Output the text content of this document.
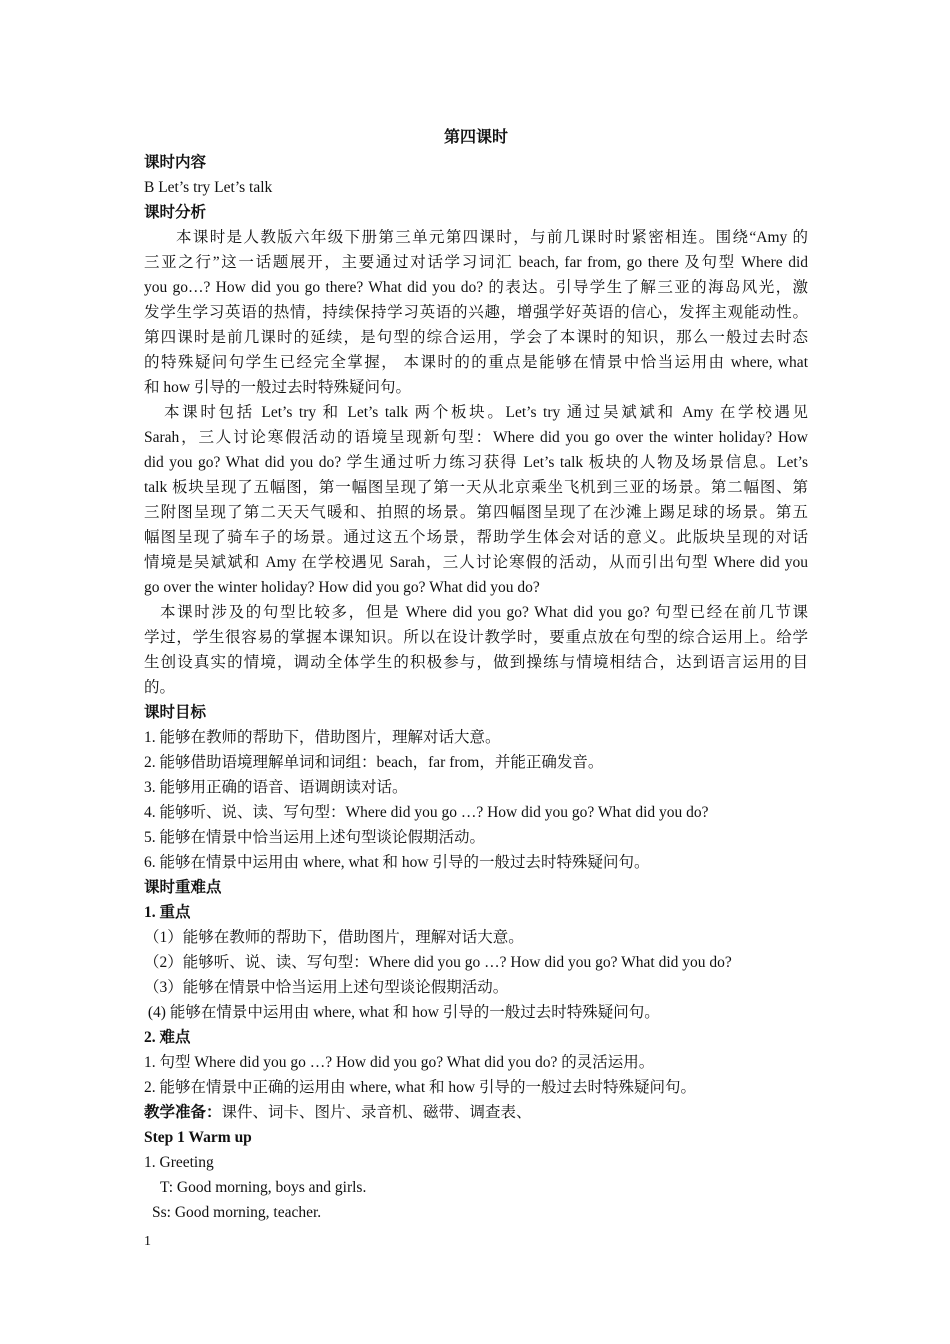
第四课时
课时内容
B Let’s try Let’s talk
课时分析
本课时是人教版六年级下册第三单元第四课时，与前几课时时紧密相连。围绕“Amy 的
三亚之行”这一话题展开，主要通过对话学习词汇 beach, far from, go there 及句型 Where did
you go…? How did you go there? What did you do? 的表达。引导学生了解三亚的海岛风光，激
发学生学习英语的热情，持续保持学习英语的兴趣，增强学好英语的信心，发挥主观能动性。
第四课时是前几课时的延续，是句型的综合运用，学会了本课时的知识，那么一般过去时态
的特殊疑问句学生已经完全掌握， 本课时的的重点是能够在情景中恰当运用由 where, what
和 how 引导的一般过去时特殊疑问句。
本课时包括 Let’s try 和 Let’s talk 两个板块。Let’s try 通过吴斌斌和 Amy 在学校遇见
Sarah，三人讨论寒假活动的语境呈现新句型：Where did you go over the winter holiday? How
did you go? What did you do? 学生通过听力练习获得 Let’s talk 板块的人物及场景信息。Let’s
talk 板块呈现了五幅图，第一幅图呈现了第一天从北京乘坐飞机到三亚的场景。第二幅图、第
三附图呈现了第二天天气暖和、拍照的场景。第四幅图呈现了在沙滩上踢足球的场景。第五
幅图呈现了骑车子的场景。通过这五个场景，帮助学生体会对话的意义。此版块呈现的对话
情境是吴斌斌和 Amy 在学校遇见 Sarah，三人讨论寒假的活动，从而引出句型 Where did you
go over the winter holiday? How did you go? What did you do?
本课时涉及的句型比较多，但是 Where did you go? What did you go? 句型已经在前几节课
学过，学生很容易的掌握本课知识。所以在设计教学时，要重点放在句型的综合运用上。给学
生创设真实的情境，调动全体学生的积极参与，做到操练与情境相结合，达到语言运用的目
的。
课时目标
1. 能够在教师的帮助下，借助图片，理解对话大意。
2. 能够借助语境理解单词和词组：beach，far from，并能正确发音。
3. 能够用正确的语音、语调朗读对话。
4. 能够听、说、读、写句型：Where did you go …? How did you go? What did you do?
5. 能够在情景中恰当运用上述句型谈论假期活动。
6. 能够在情景中运用由 where, what 和 how 引导的一般过去时特殊疑问句。
课时重难点
1. 重点
（1）能够在教师的帮助下，借助图片，理解对话大意。
（2）能够听、说、读、写句型：Where did you go …? How did you go? What did you do?
（3）能够在情景中恰当运用上述句型谈论假期活动。
(4) 能够在情景中运用由 where, what 和 how 引导的一般过去时特殊疑问句。
2. 难点
1. 句型 Where did you go …? How did you go? What did you do? 的灵活运用。
2. 能够在情景中正确的运用由 where, what 和 how 引导的一般过去时特殊疑问句。
教学准备：课件、词卡、图片、录音机、磁带、调查表、
Step 1 Warm up
1. Greeting
T: Good morning, boys and girls.
Ss: Good morning, teacher.
1
